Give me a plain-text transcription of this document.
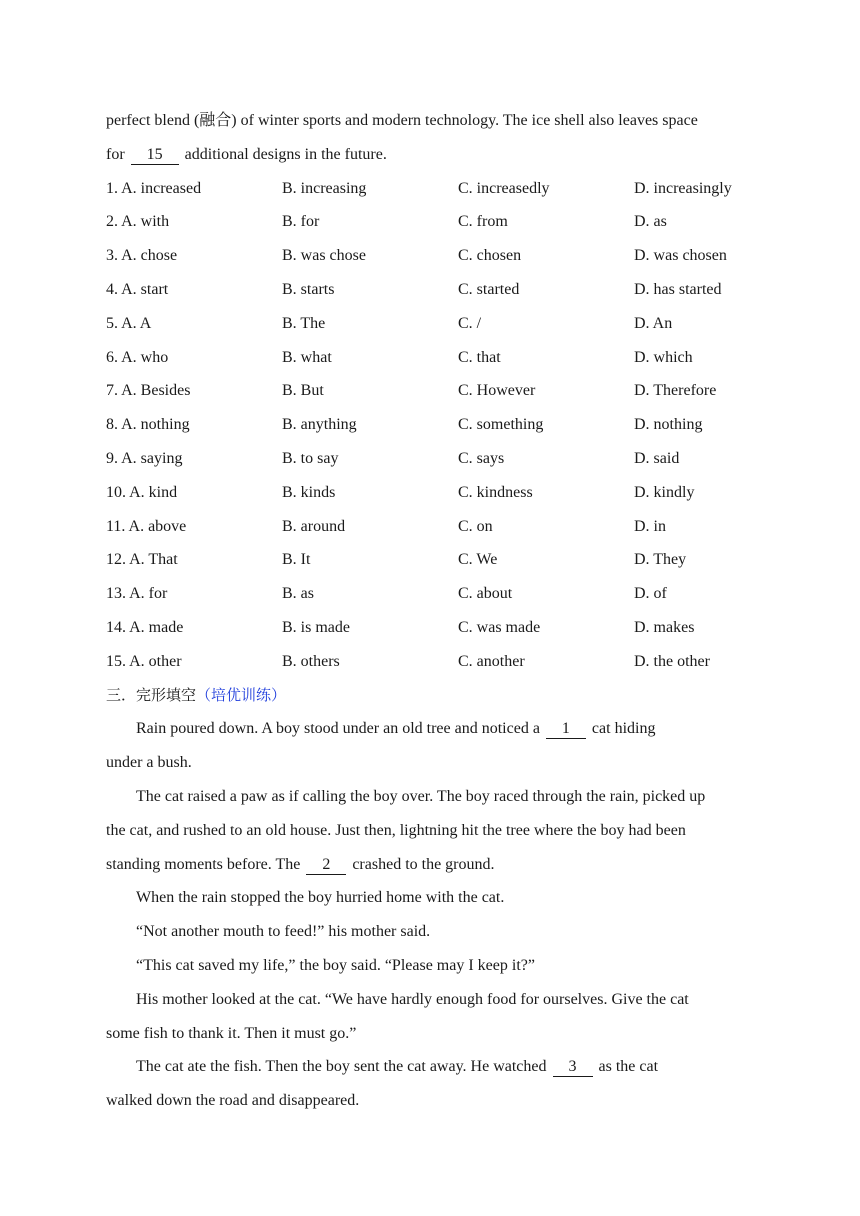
perfect blend (融合) of winter sports and modern technology. The ice shell also leaves space
for     15     additional designs in the future.
1. A. increased	B. increasing	C. increasedly	D. increasingly
2. A. with	B. for	C. from	D. as
3. A. chose	B. was chose	C. chosen	D. was chosen
4. A. start	B. starts	C. started	D. has started
5. A. A	B. The	C. /	D. An
6. A. who	B. what	C. that	D. which
7. A. Besides	B. But	C. However	D. Therefore
8. A. nothing	B. anything	C. something	D. nothing
9. A. saying	B. to say	C. says	D. said
10. A. kind	B. kinds	C. kindness	D. kindly
11. A. above	B. around	C. on	D. in
12. A. That	B. It	C. We	D. They
13. A. for	B. as	C. about	D. of
14. A. made	B. is made	C. was made	D. makes
15. A. other	B. others	C. another	D. the other
三．完形填空（培优训练）
Rain poured down. A boy stood under an old tree and noticed a     1     cat hiding
under a bush.
The cat raised a paw as if calling the boy over. The boy raced through the rain, picked up
the cat, and rushed to an old house. Just then, lightning hit the tree where the boy had been
standing moments before. The     2     crashed to the ground.
When the rain stopped the boy hurried home with the cat.
“Not another mouth to feed!” his mother said.
“This cat saved my life,” the boy said. “Please may I keep it?”
His mother looked at the cat. “We have hardly enough food for ourselves. Give the cat
some fish to thank it. Then it must go.”
The cat ate the fish. Then the boy sent the cat away. He watched     3     as the cat
walked down the road and disappeared.
